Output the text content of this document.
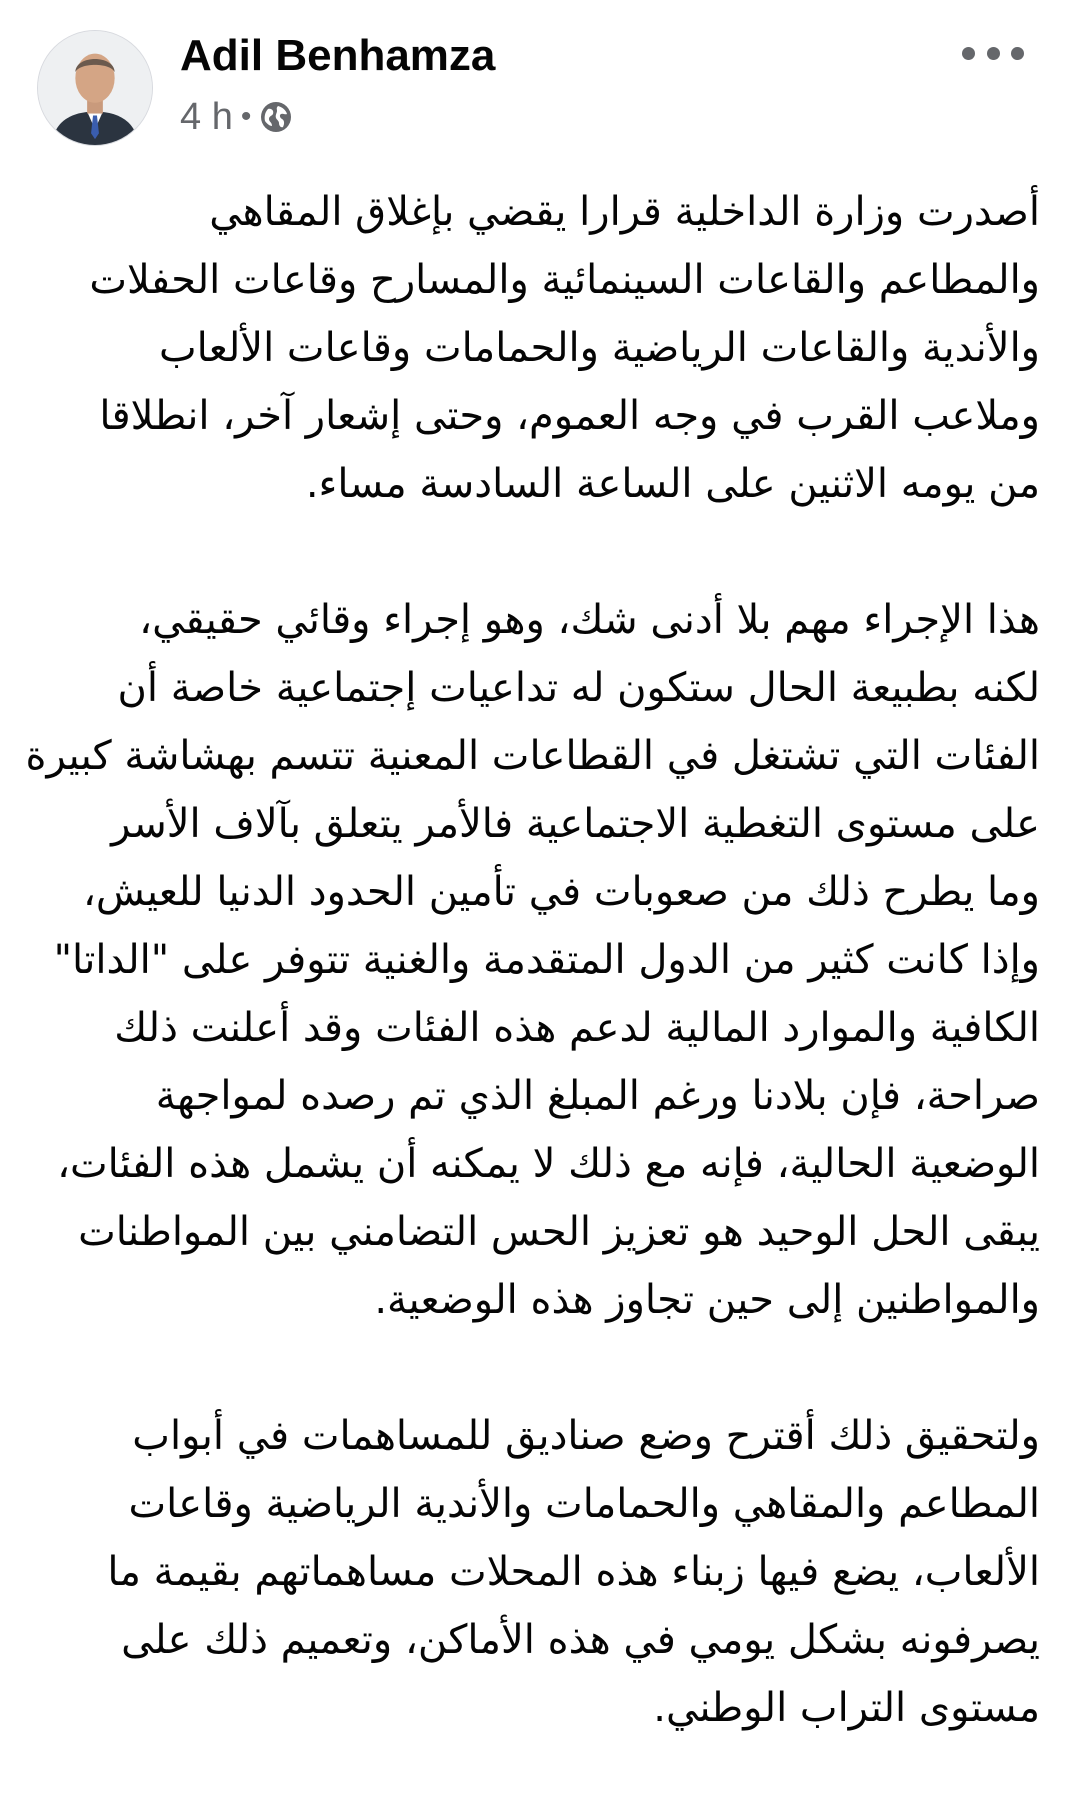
Adil Benhamza
4 h •
أصدرت وزارة الداخلية قرارا يقضي بإغلاق المقاهي
والمطاعم والقاعات السينمائية والمسارح وقاعات الحفلات
والأندية والقاعات الرياضية والحمامات وقاعات الألعاب
وملاعب القرب في وجه العموم، وحتى إشعار آخر، انطلاقا
من يومه الاثنين على الساعة السادسة مساء.
هذا الإجراء مهم بلا أدنى شك، وهو إجراء وقائي حقيقي،
لكنه بطبيعة الحال ستكون له تداعيات إجتماعية خاصة أن
الفئات التي تشتغل في القطاعات المعنية تتسم بهشاشة كبيرة
على مستوى التغطية الاجتماعية فالأمر يتعلق بآلاف الأسر
وما يطرح ذلك من صعوبات في تأمين الحدود الدنيا للعيش،
وإذا كانت كثير من الدول المتقدمة والغنية تتوفر على "الداتا"
الكافية والموارد المالية لدعم هذه الفئات وقد أعلنت ذلك
صراحة، فإن بلادنا ورغم المبلغ الذي تم رصده لمواجهة
الوضعية الحالية، فإنه مع ذلك لا يمكنه أن يشمل هذه الفئات،
يبقى الحل الوحيد هو تعزيز الحس التضامني بين المواطنات
والمواطنين إلى حين تجاوز هذه الوضعية.
ولتحقيق ذلك أقترح وضع صناديق للمساهمات في أبواب
المطاعم والمقاهي والحمامات والأندية الرياضية وقاعات
الألعاب، يضع فيها زبناء هذه المحلات مساهماتهم بقيمة ما
يصرفونه بشكل يومي في هذه الأماكن، وتعميم ذلك على
مستوى التراب الوطني.
